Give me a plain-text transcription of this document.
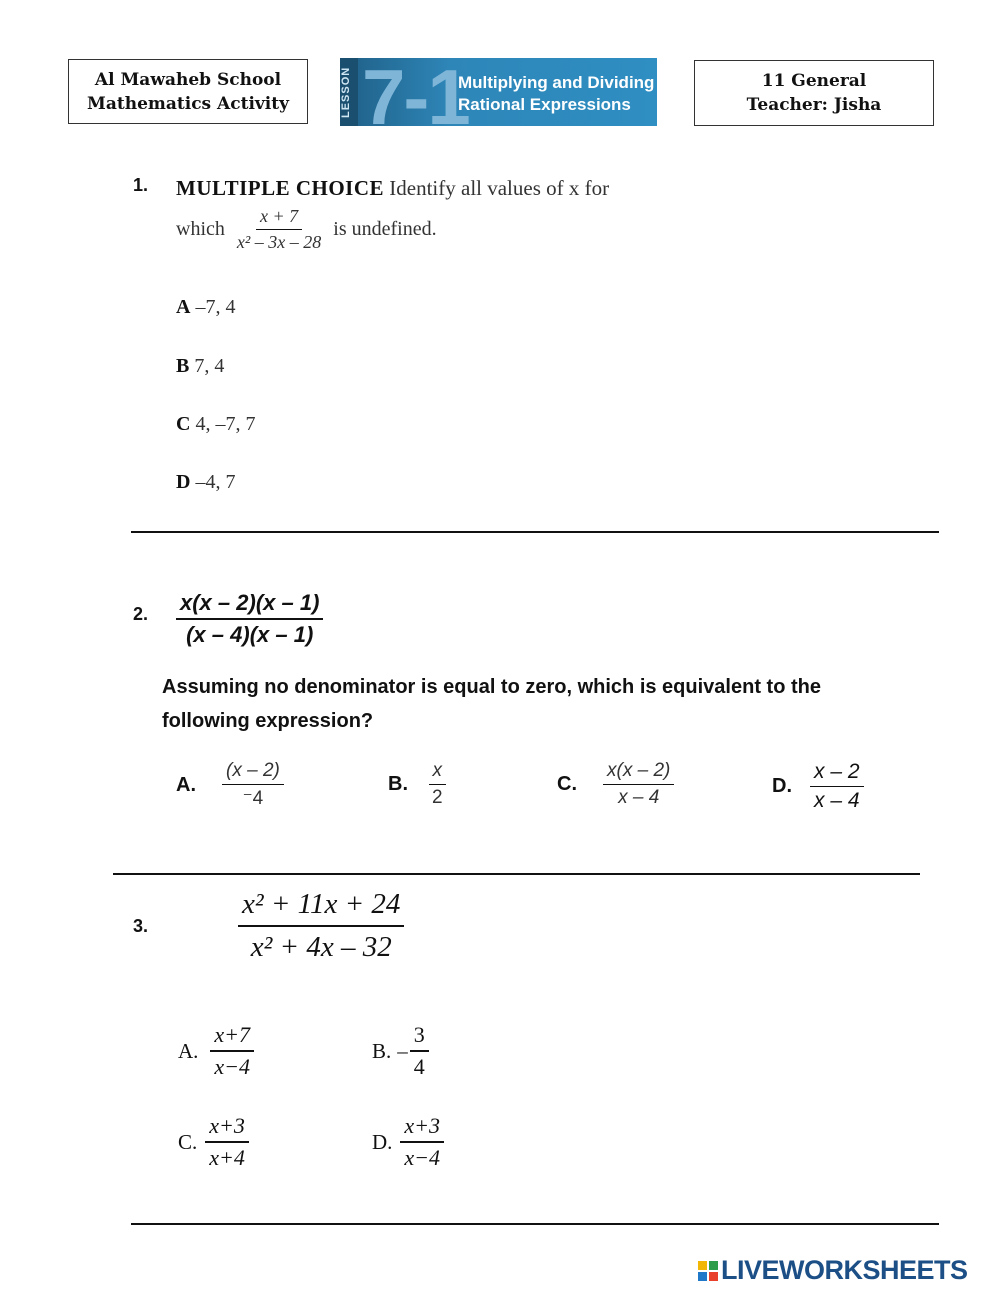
Al Mawaheb School
Mathematics Activity	LESSON 7-1
Multiplying and Dividing
Rational Expressions
11 General
Teacher: Jisha
1. MULTIPLE CHOICE Identify all values of x for
which $\frac{x + 7}{\text{x² – 3x – 28}}$ is undefined.
A
–7, 4
B
7, 4
C
4, –7, 7
D
–4, 7
2. $\frac{x(x - 2)(x - 1)}{(x - 4)(x - 1)}$
Assuming no denominator is equal to zero, which is equivalent to the
following expression?
A. $\frac{(x - 2)}{^-4}$	B. $\frac{x}{2}$	C. $\frac{x(x - 2)}{x - 4}$	D. $\frac{x - 2}{x - 4}$
3.	$\frac{\text{x² + 11x + 24}}{\text{x² + 4x – 32}}$
A. $\frac{x+7}{x-4}$	B. – $\frac{3}{4}$
C. $\frac{x+3}{x+4}$	D. $\frac{x+3}{x-4}$
LIVEWORKSHEETS
